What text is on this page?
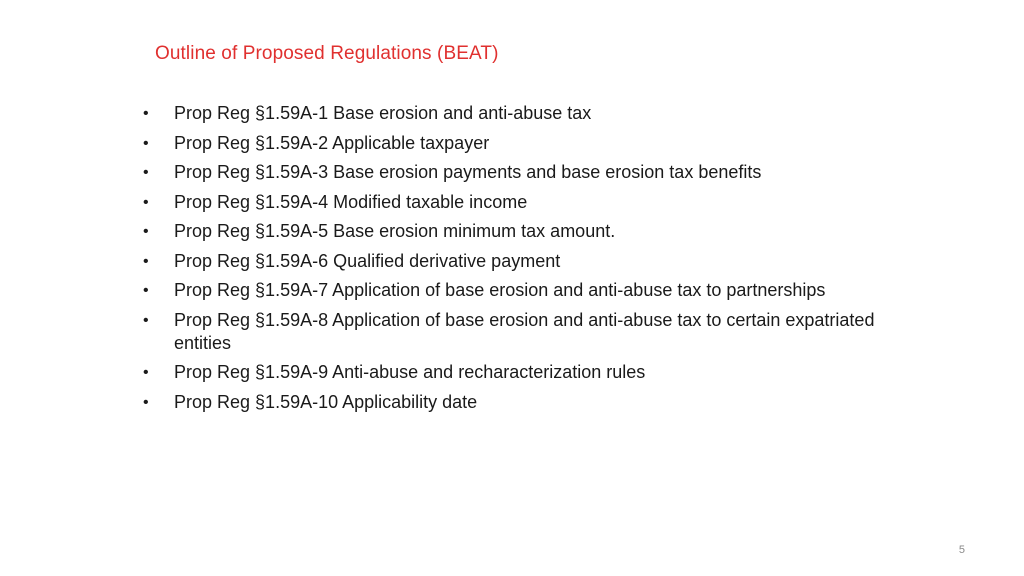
Outline of Proposed Regulations (BEAT)
•	Prop Reg §1.59A-1 Base erosion and anti-abuse tax
•	Prop Reg §1.59A-2 Applicable taxpayer
•	Prop Reg §1.59A-3 Base erosion payments and base erosion tax benefits
•	Prop Reg §1.59A-4 Modified taxable income
•	Prop Reg §1.59A-5 Base erosion minimum tax amount.
•	Prop Reg §1.59A-6 Qualified derivative payment
•	Prop Reg §1.59A-7 Application of base erosion and anti-abuse tax to partnerships
•	Prop Reg §1.59A-8 Application of base erosion and anti-abuse tax to certain expatriated entities
•	Prop Reg §1.59A-9 Anti-abuse and recharacterization rules
•	Prop Reg §1.59A-10 Applicability date
5
